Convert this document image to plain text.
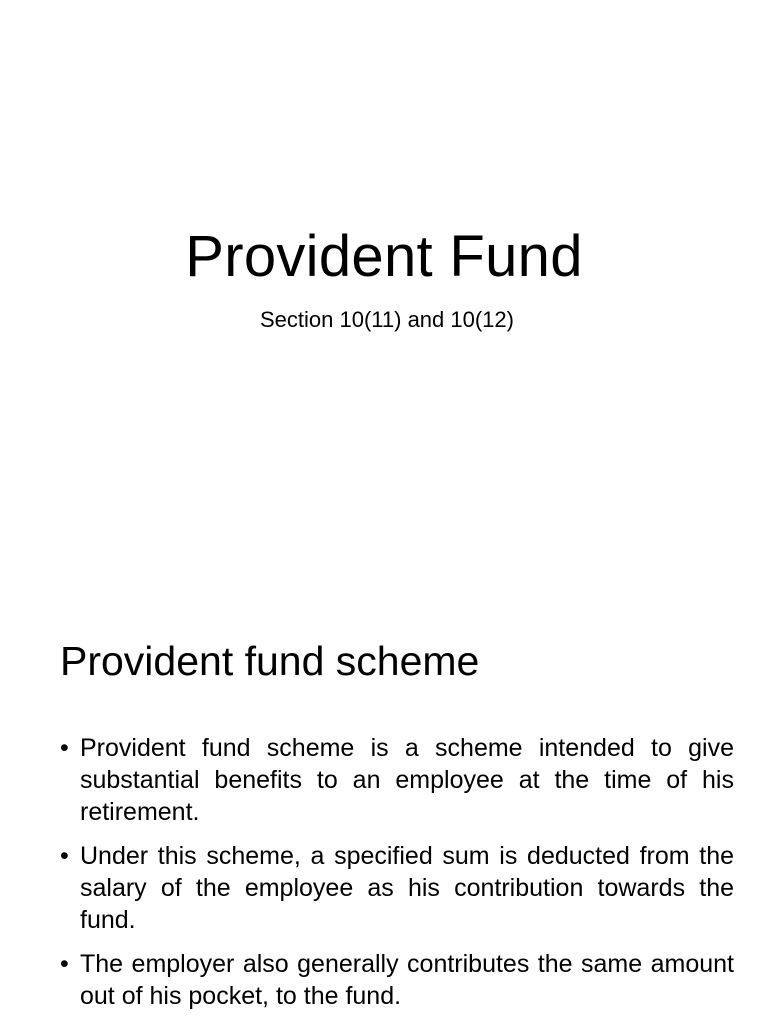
Provident Fund
Section 10(11) and 10(12)
Provident fund scheme
• Provident fund scheme is a scheme intended to give substantial benefits to an employee at the time of his retirement.
• Under this scheme, a specified sum is deducted from the salary of the employee as his contribution towards the fund.
• The employer also generally contributes the same amount out of his pocket, to the fund.
